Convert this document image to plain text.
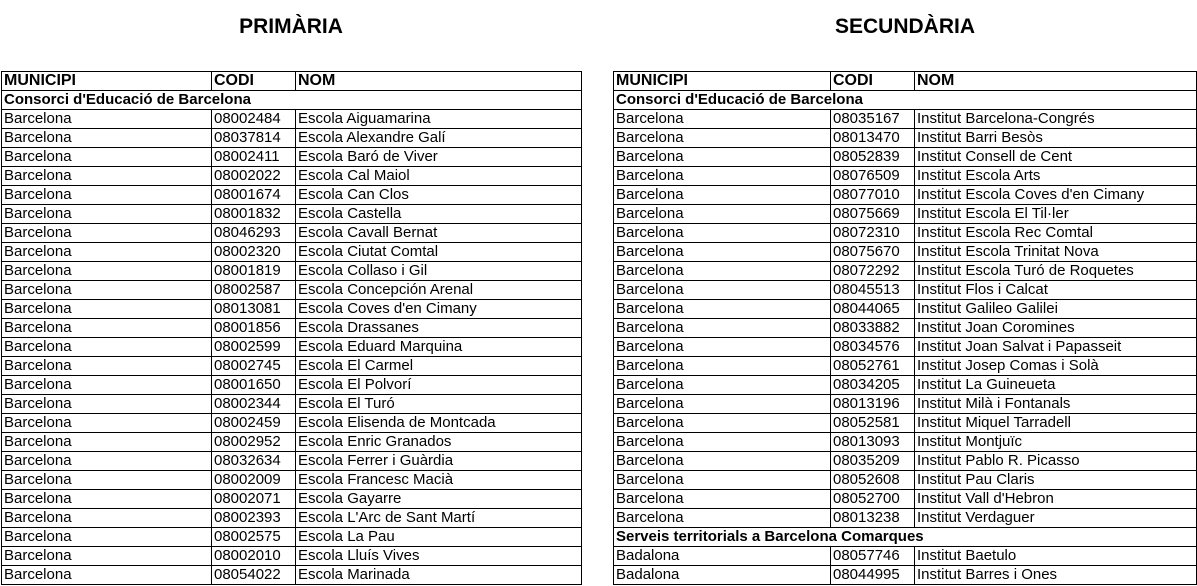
PRIMÀRIA	SECUNDÀRIA
MUNICIPI	CODI	NOM
Consorci d'Educació de Barcelona		
Barcelona	08002484	Escola Aiguamarina
Barcelona	08037814	Escola Alexandre Galí
Barcelona	08002411	Escola Baró de Viver
Barcelona	08002022	Escola Cal Maiol
Barcelona	08001674	Escola Can Clos
Barcelona	08001832	Escola Castella
Barcelona	08046293	Escola Cavall Bernat
Barcelona	08002320	Escola Ciutat Comtal
Barcelona	08001819	Escola Collaso i Gil
Barcelona	08002587	Escola Concepción Arenal
Barcelona	08013081	Escola Coves d'en Cimany
Barcelona	08001856	Escola Drassanes
Barcelona	08002599	Escola Eduard Marquina
Barcelona	08002745	Escola El Carmel
Barcelona	08001650	Escola El Polvorí
Barcelona	08002344	Escola El Turó
Barcelona	08002459	Escola Elisenda de Montcada
Barcelona	08002952	Escola Enric Granados
Barcelona	08032634	Escola Ferrer i Guàrdia
Barcelona	08002009	Escola Francesc Macià
Barcelona	08002071	Escola Gayarre
Barcelona	08002393	Escola L'Arc de Sant Martí
Barcelona	08002575	Escola La Pau
Barcelona	08002010	Escola Lluís Vives
Barcelona	08054022	Escola Marinada
MUNICIPI	CODI	NOM
Consorci d'Educació de Barcelona		
Barcelona	08035167	Institut Barcelona-Congrés
Barcelona	08013470	Institut Barri Besòs
Barcelona	08052839	Institut Consell de Cent
Barcelona	08076509	Institut Escola Arts
Barcelona	08077010	Institut Escola Coves d'en Cimany
Barcelona	08075669	Institut Escola El Til·ler
Barcelona	08072310	Institut Escola Rec Comtal
Barcelona	08075670	Institut Escola Trinitat Nova
Barcelona	08072292	Institut Escola Turó de Roquetes
Barcelona	08045513	Institut Flos i Calcat
Barcelona	08044065	Institut Galileo Galilei
Barcelona	08033882	Institut Joan Coromines
Barcelona	08034576	Institut Joan Salvat i Papasseit
Barcelona	08052761	Institut Josep Comas i Solà
Barcelona	08034205	Institut La Guineueta
Barcelona	08013196	Institut Milà i Fontanals
Barcelona	08052581	Institut Miquel Tarradell
Barcelona	08013093	Institut Montjuïc
Barcelona	08035209	Institut Pablo R. Picasso
Barcelona	08052608	Institut Pau Claris
Barcelona	08052700	Institut Vall d'Hebron
Barcelona	08013238	Institut Verdaguer
Serveis territorials a Barcelona Comarques		
Badalona	08057746	Institut Baetulo
Badalona	08044995	Institut Barres i Ones
